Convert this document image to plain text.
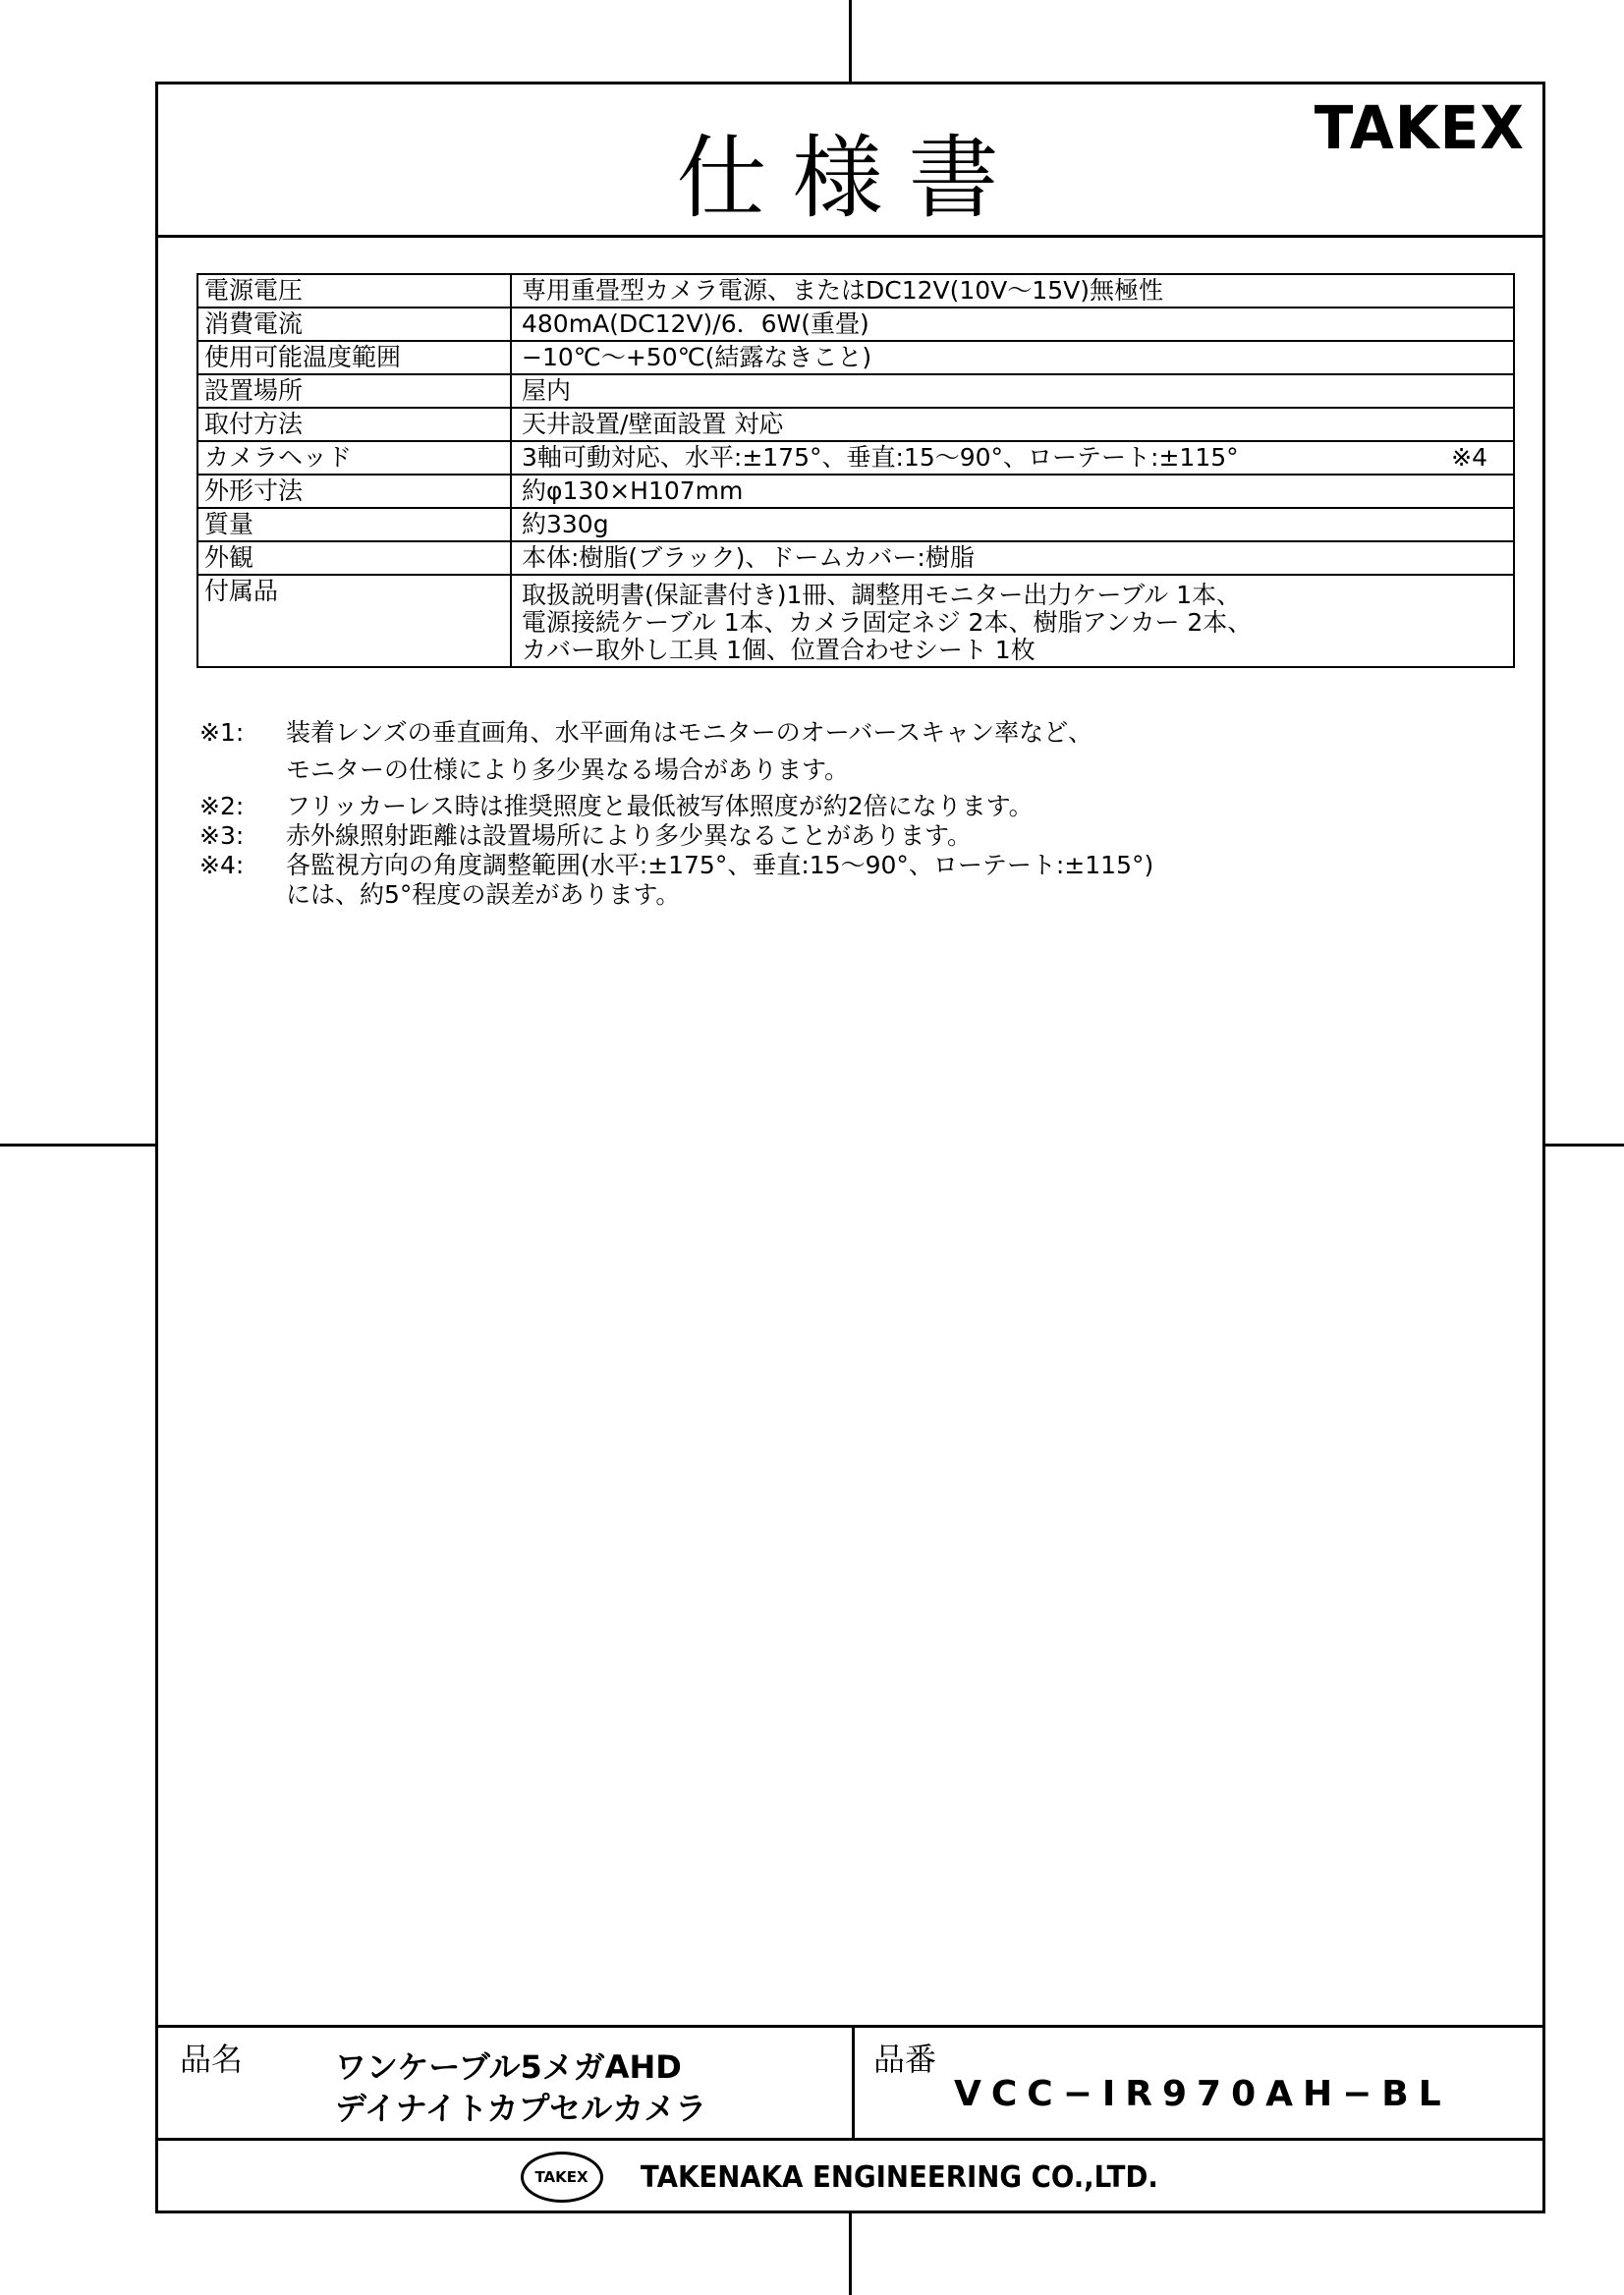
仕様書	TAKEX
電源電圧	専用重畳型カメラ電源、またはDC12V(10V〜15V)無極性
消費電流	480mA(DC12V)/6．6W(重畳)
使用可能温度範囲	−10℃〜+50℃(結露なきこと)
設置場所	屋内
取付方法	天井設置/壁面設置 対応
カメラヘッド	3軸可動対応、水平:±175°、垂直:15〜90°、ローテート:±115° ※4

外形寸法	約φ130×H107mm
質量	約330g
外観	本体:樹脂(ブラック)、ドームカバー:樹脂
付属品	取扱説明書(保証書付き)1冊、調整用モニター出力ケーブル 1本、
電源接続ケーブル 1本、カメラ固定ネジ 2本、樹脂アンカー 2本、
カバー取外し工具 1個、位置合わせシート 1枚
※1:	装着レンズの垂直画角、水平画角はモニターのオーバースキャン率など、
モニターの仕様により多少異なる場合があります。
※2:	フリッカーレス時は推奨照度と最低被写体照度が約2倍になります。
※3:	赤外線照射距離は設置場所により多少異なることがあります。
※4:	各監視方向の角度調整範囲(水平:±175°、垂直:15〜90°、ローテート:±115°)
には、約5°程度の誤差があります。
品名	ワンケーブル5メガAHD
デイナイトカプセルカメラ
品番
VCC−IR970AH−BL
TAKEX TAKENAKA ENGINEERING CO.,LTD.
